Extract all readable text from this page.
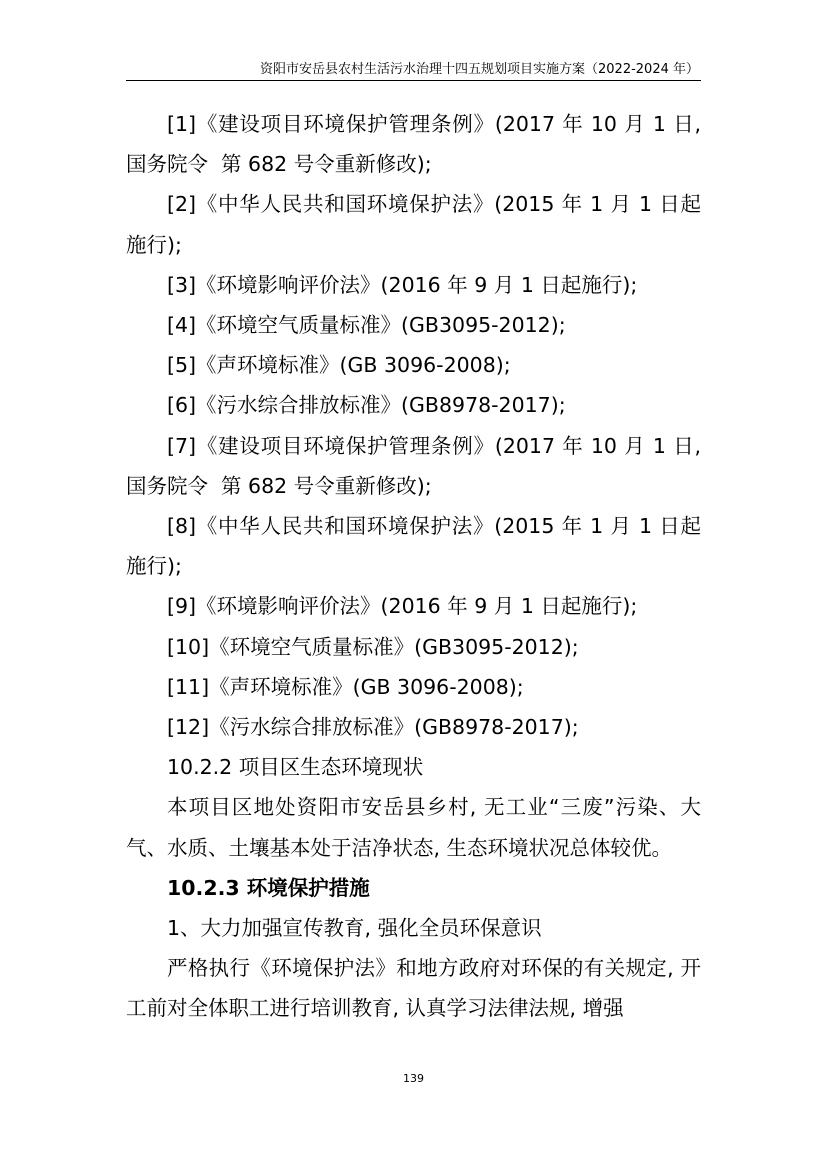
资阳市安岳县农村生活污水治理十四五规划项目实施方案（2022-2024 年）

[1]《建设项目环境保护管理条例》(2017 年 10 月 1 日, 国务院令  第 682 号令重新修改);

[2]《中华人民共和国环境保护法》(2015 年 1 月 1 日起施行);

[3]《环境影响评价法》(2016 年 9 月 1 日起施行);

[4]《环境空气质量标准》(GB3095-2012);

[5]《声环境标准》(GB 3096-2008);

[6]《污水综合排放标准》(GB8978-2017);

[7]《建设项目环境保护管理条例》(2017 年 10 月 1 日, 国务院令  第 682 号令重新修改);

[8]《中华人民共和国环境保护法》(2015 年 1 月 1 日起施行);

[9]《环境影响评价法》(2016 年 9 月 1 日起施行);

[10]《环境空气质量标准》(GB3095-2012);

[11]《声环境标准》(GB 3096-2008);

[12]《污水综合排放标准》(GB8978-2017);

10.2.2 项目区生态环境现状

本项目区地处资阳市安岳县乡村, 无工业“三废”污染、大气、水质、土壤基本处于洁净状态, 生态环境状况总体较优。

10.2.3 环境保护措施

1、大力加强宣传教育, 强化全员环保意识

严格执行《环境保护法》和地方政府对环保的有关规定, 开工前对全体职工进行培训教育, 认真学习法律法规, 增强

139
